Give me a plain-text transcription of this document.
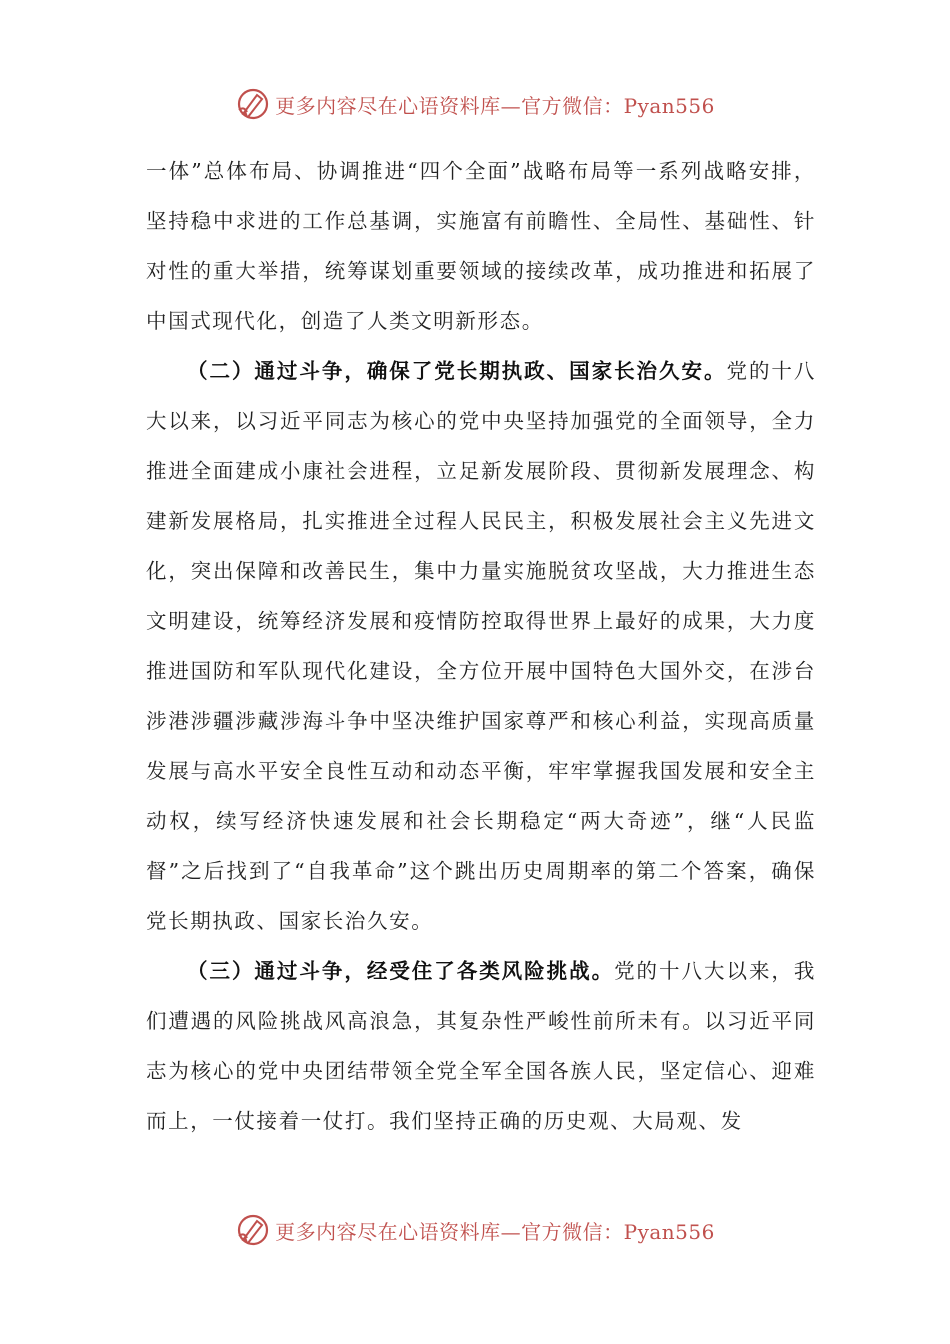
更多内容尽在心语资料库—官方微信：Pyan556

一体”总体布局、协调推进“四个全面”战略布局等一系列战略安排，坚持稳中求进的工作总基调，实施富有前瞻性、全局性、基础性、针对性的重大举措，统筹谋划重要领域的接续改革，成功推进和拓展了中国式现代化，创造了人类文明新形态。

（二）通过斗争，确保了党长期执政、国家长治久安。党的十八大以来，以习近平同志为核心的党中央坚持加强党的全面领导，全力推进全面建成小康社会进程，立足新发展阶段、贯彻新发展理念、构建新发展格局，扎实推进全过程人民民主，积极发展社会主义先进文化，突出保障和改善民生，集中力量实施脱贫攻坚战，大力推进生态文明建设，统筹经济发展和疫情防控取得世界上最好的成果，大力度推进国防和军队现代化建设，全方位开展中国特色大国外交，在涉台涉港涉疆涉藏涉海斗争中坚决维护国家尊严和核心利益，实现高质量发展与高水平安全良性互动和动态平衡，牢牢掌握我国发展和安全主动权，续写经济快速发展和社会长期稳定“两大奇迹”，继“人民监督”之后找到了“自我革命”这个跳出历史周期率的第二个答案，确保党长期执政、国家长治久安。

（三）通过斗争，经受住了各类风险挑战。党的十八大以来，我们遭遇的风险挑战风高浪急，其复杂性严峻性前所未有。以习近平同志为核心的党中央团结带领全党全军全国各族人民，坚定信心、迎难而上，一仗接着一仗打。我们坚持正确的历史观、大局观、发

更多内容尽在心语资料库—官方微信：Pyan556
